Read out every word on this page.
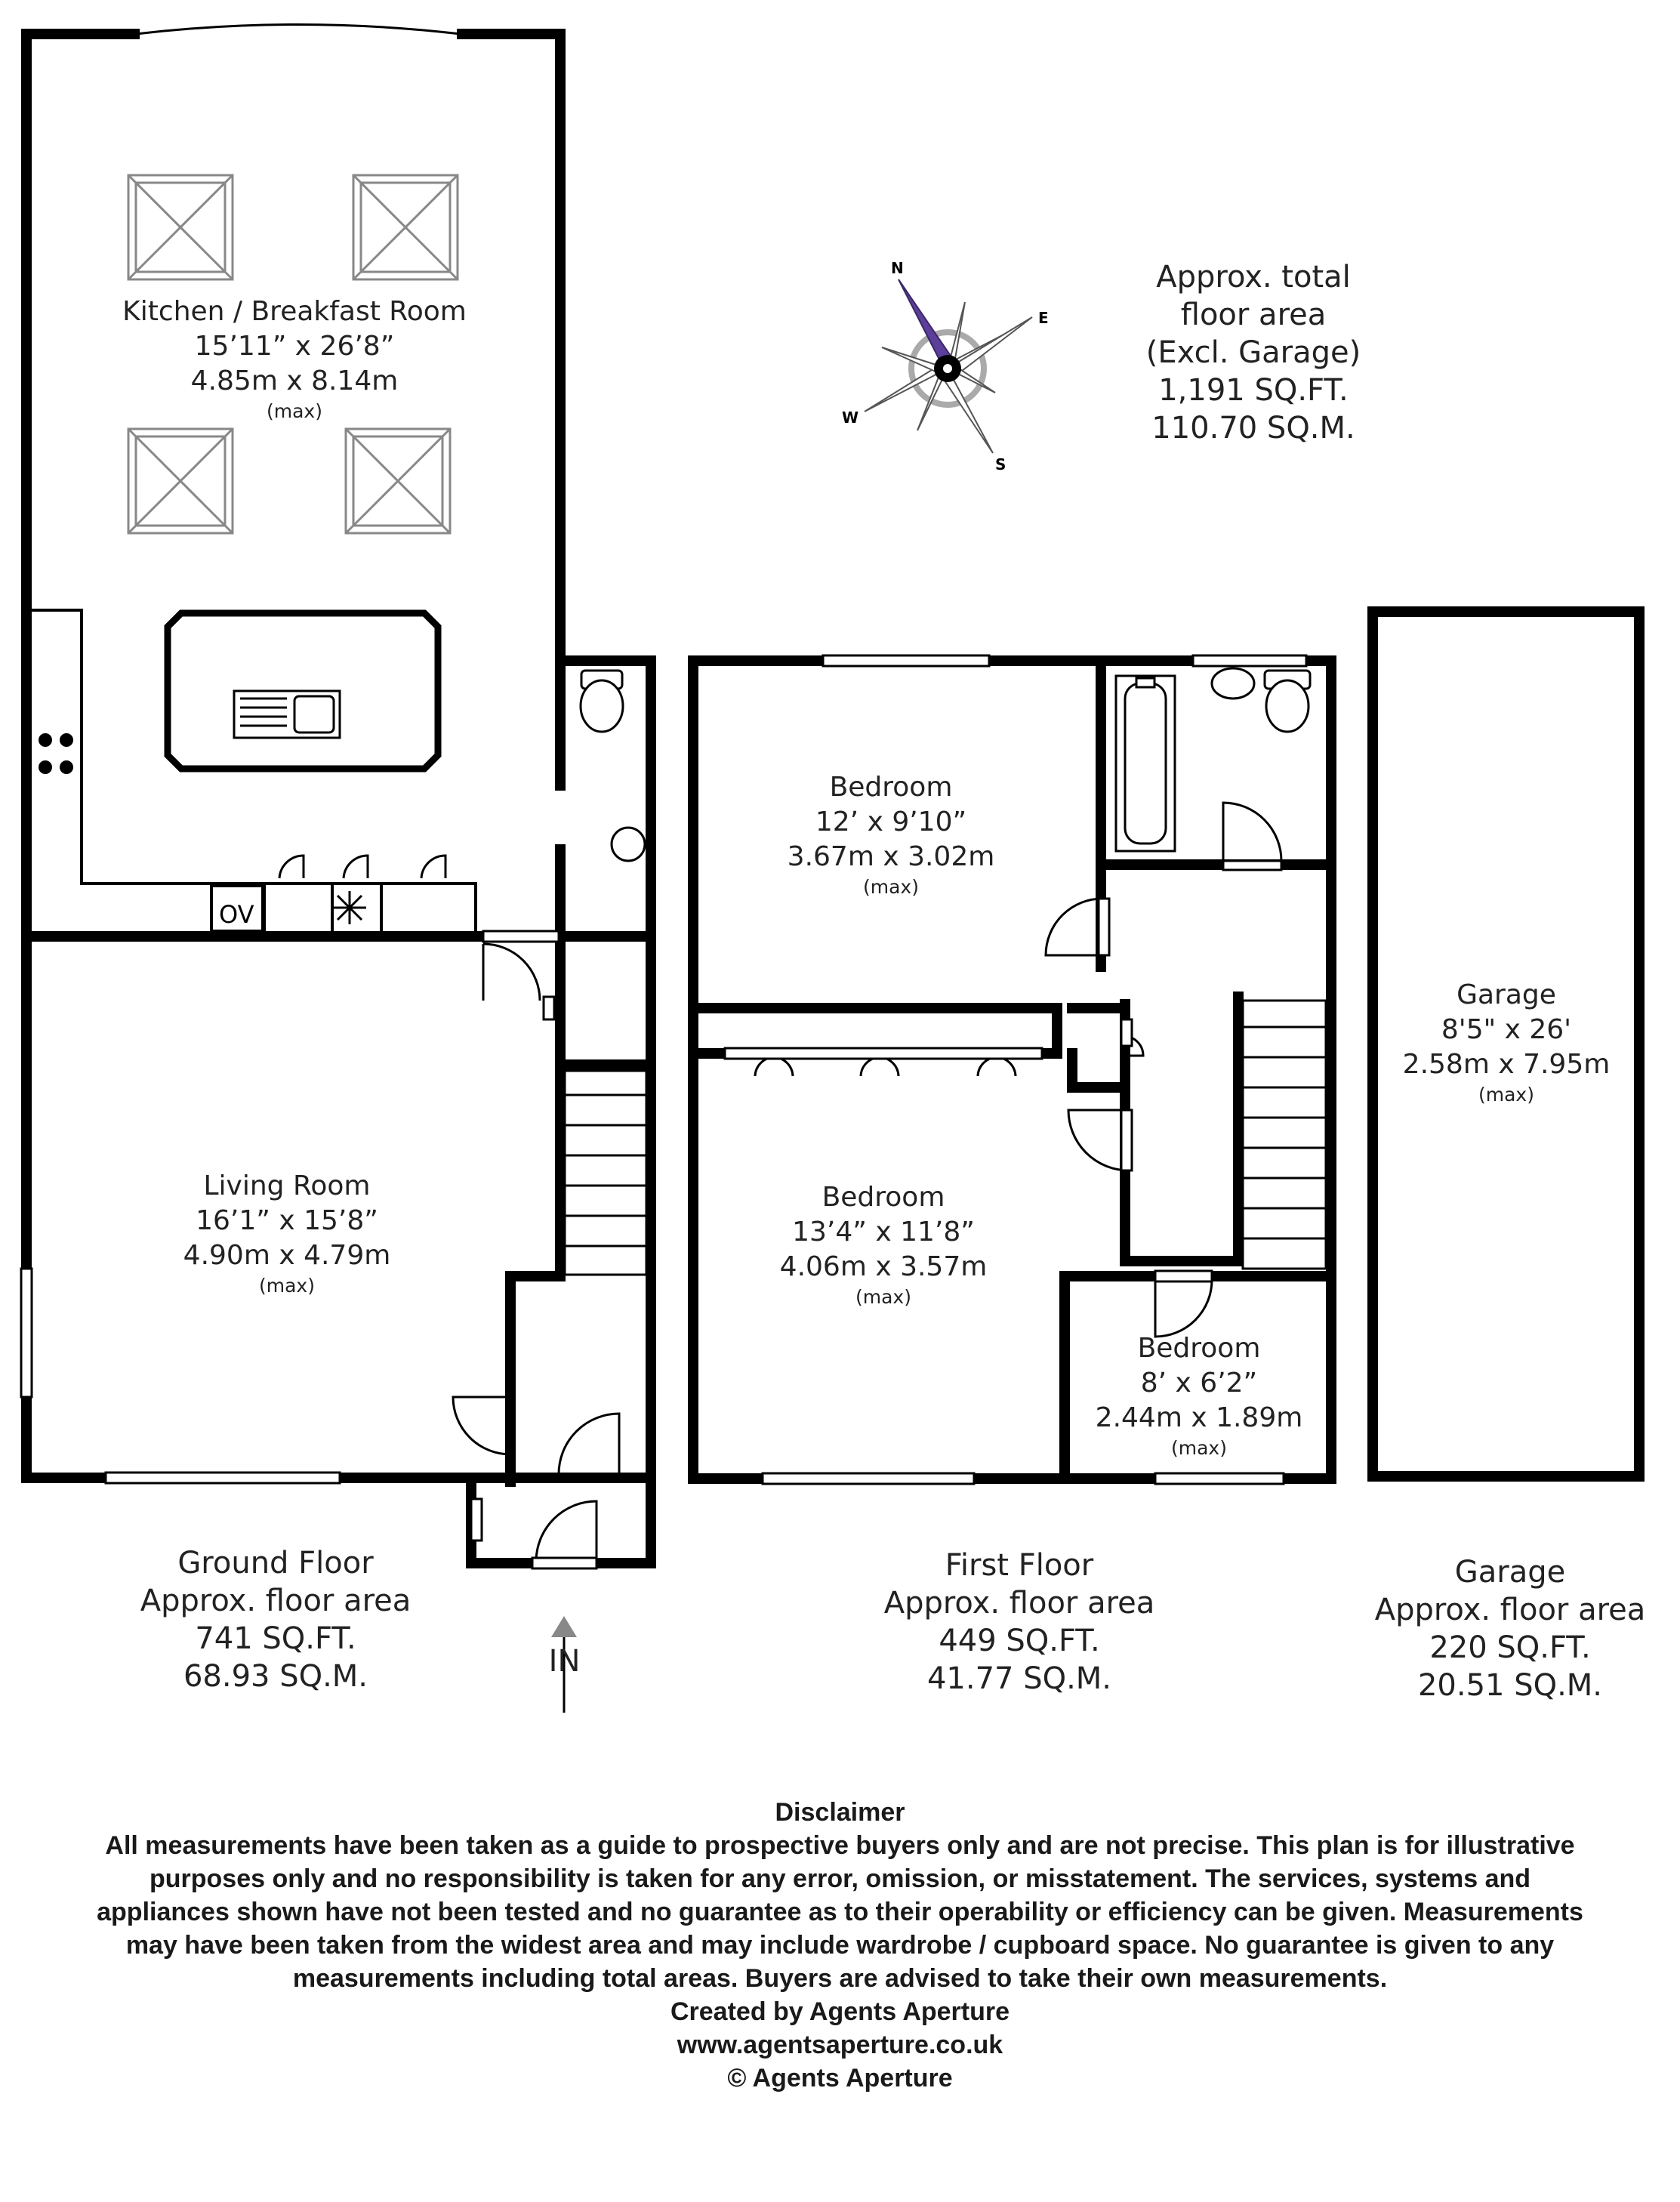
N
E
S
W
OV
Kitchen / Breakfast Room
15’11” x 26’8”
4.85m x 8.14m
(max)
Living Room
16’1” x 15’8”
4.90m x 4.79m
(max)
Bedroom
12’ x 9’10”
3.67m x 3.02m
(max)
Bedroom
13’4” x 11’8”
4.06m x 3.57m
(max)
Bedroom
8’ x 6’2”
2.44m x 1.89m
(max)
Garage
8'5" x 26'
2.58m x 7.95m
(max)
Approx. total
floor area
(Excl. Garage)
1,191 SQ.FT.
110.70 SQ.M.
Ground Floor
Approx. floor area
741 SQ.FT.
68.93 SQ.M.	IN
First Floor
Approx. floor area
449 SQ.FT.
41.77 SQ.M.
Garage
Approx. floor area
220 SQ.FT.
20.51 SQ.M.
Disclaimer
All measurements have been taken as a guide to prospective buyers only and are not precise. This plan is for illustrative purposes only and no responsibility is taken for any error, omission, or misstatement. The services, systems and appliances shown have not been tested and no guarantee as to their operability or efficiency can be given. Measurements may have been taken from the widest area and may include wardrobe / cupboard space. No guarantee is given to any measurements including total areas. Buyers are advised to take their own measurements.
Created by Agents Aperture
www.agentsaperture.co.uk
© Agents Aperture
